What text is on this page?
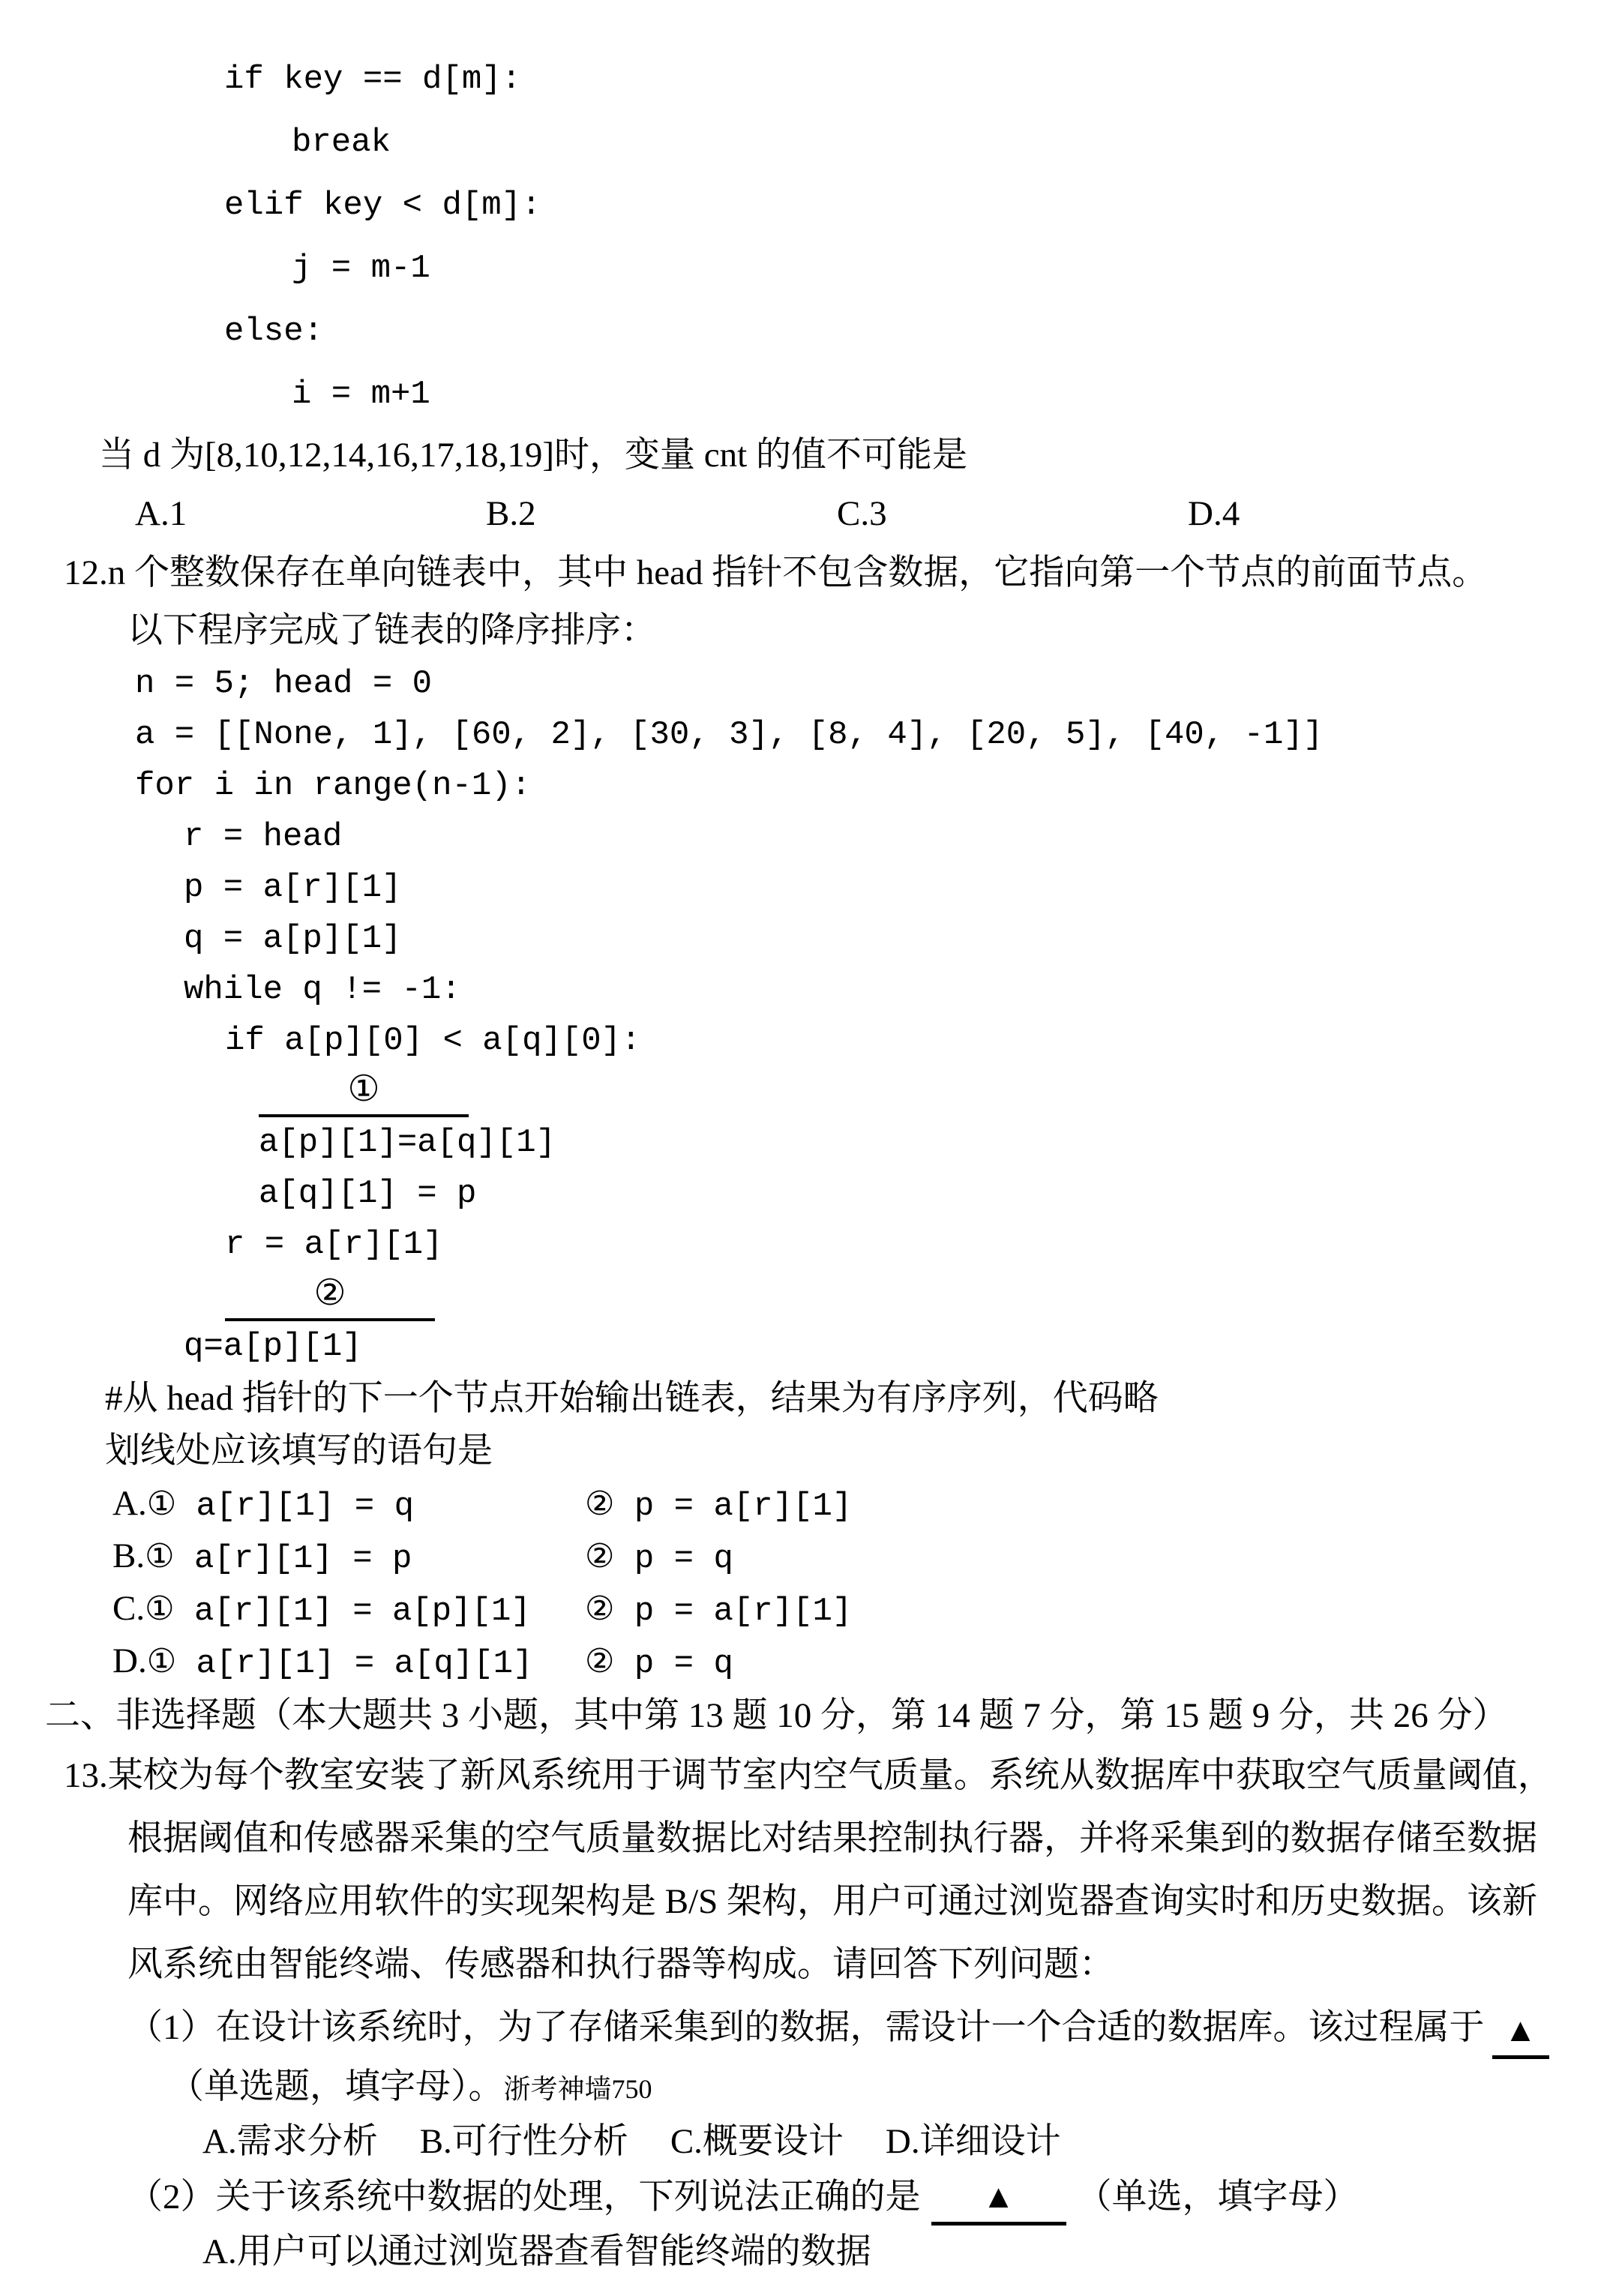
if key == d[m]:
break
elif key < d[m]:
j = m-1
else:
i = m+1
当 d 为[8,10,12,14,16,17,18,19]时，变量 cnt 的值不可能是
A.1	B.2	C.3	D.4
12.n 个整数保存在单向链表中，其中 head 指针不包含数据，它指向第一个节点的前面节点。
以下程序完成了链表的降序排序：
n = 5; head = 0
a = [[None, 1], [60, 2], [30, 3], [8, 4], [20, 5], [40, -1]]
for i in range(n-1):
r = head
p = a[r][1]
q = a[p][1]
while q != -1:
if a[p][0] < a[q][0]:
①
a[p][1]=a[q][1]
a[q][1] = p
r = a[r][1]
②
q=a[p][1]
#从 head 指针的下一个节点开始输出链表，结果为有序序列，代码略
划线处应该填写的语句是
A.① a[r][1] = q	② p = a[r][1]
B.① a[r][1] = p	② p = q
C.① a[r][1] = a[p][1] ② p = a[r][1]
D.① a[r][1] = a[q][1] ② p = q
二、非选择题（本大题共 3 小题，其中第 13 题 10 分，第 14 题 7 分，第 15 题 9 分，共 26 分）
13.某校为每个教室安装了新风系统用于调节室内空气质量。系统从数据库中获取空气质量阈值，
根据阈值和传感器采集的空气质量数据比对结果控制执行器，并将采集到的数据存储至数据
库中。网络应用软件的实现架构是 B/S 架构，用户可通过浏览器查询实时和历史数据。该新
风系统由智能终端、传感器和执行器等构成。请回答下列问题：
（1）在设计该系统时，为了存储采集到的数据，需设计一个合适的数据库。该过程属于 ▲
（单选题，填字母）。浙考神墙750
A.需求分析 B.可行性分析 C.概要设计 D.详细设计
（2）关于该系统中数据的处理，下列说法正确的是 ▲ （单选，填字母）
A.用户可以通过浏览器查看智能终端的数据
